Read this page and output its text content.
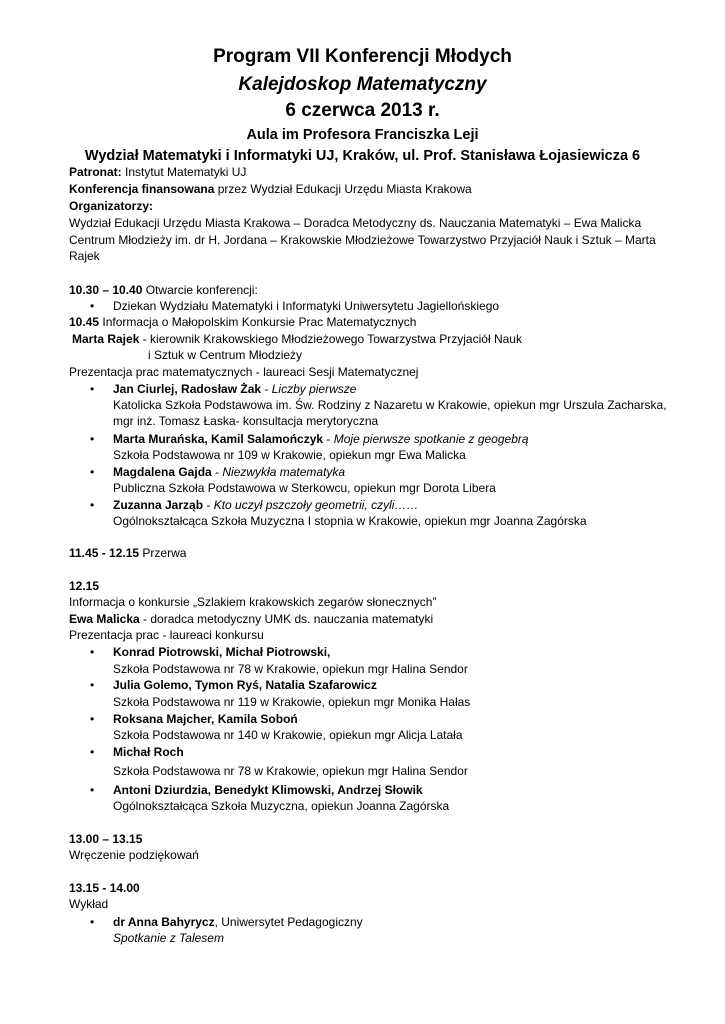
Program VII Konferencji Młodych
Kalejdoskop Matematyczny
6 czerwca 2013 r.
Aula im Profesora Franciszka Leji
Wydział Matematyki i Informatyki UJ, Kraków, ul. Prof. Stanisława Łojasiewicza 6
Patronat: Instytut Matematyki UJ
Konferencja finansowana przez Wydział Edukacji Urzędu Miasta Krakowa
Organizatorzy:
Wydział Edukacji Urzędu Miasta Krakowa – Doradca Metodyczny ds. Nauczania Matematyki – Ewa Malicka
Centrum Młodzieży im. dr H. Jordana – Krakowskie Młodzieżowe Towarzystwo Przyjaciół Nauk i Sztuk – Marta
Rajek
10.30 – 10.40 Otwarcie konferencji:
• Dziekan Wydziału Matematyki i Informatyki Uniwersytetu Jagiellońskiego
10.45 Informacja o Małopolskim Konkursie Prac Matematycznych
Marta Rajek - kierownik Krakowskiego Młodzieżowego Towarzystwa Przyjaciół Nauk
i Sztuk w Centrum Młodzieży
Prezentacja prac matematycznych - laureaci Sesji Matematycznej
• Jan Ciurlej, Radosław Żak - Liczby pierwsze
Katolicka Szkoła Podstawowa im. Św. Rodziny z Nazaretu w Krakowie, opiekun mgr Urszula Zacharska,
mgr inż. Tomasz Łaska- konsultacja merytoryczna
• Marta Murańska, Kamil Salamończyk - Moje pierwsze spotkanie z geogebrą
Szkoła Podstawowa nr 109 w Krakowie, opiekun mgr Ewa Malicka
• Magdalena Gajda - Niezwykła matematyka
Publiczna Szkoła Podstawowa w Sterkowcu, opiekun mgr Dorota Libera
• Zuzanna Jarząb - Kto uczył pszczoły geometrii, czyli……
Ogólnokształcąca Szkoła Muzyczna I stopnia w Krakowie, opiekun mgr Joanna Zagórska
11.45 - 12.15 Przerwa
12.15
Informacja o konkursie „Szlakiem krakowskich zegarów słonecznych”
Ewa Malicka - doradca metodyczny UMK ds. nauczania matematyki
Prezentacja prac - laureaci konkursu
• Konrad Piotrowski, Michał Piotrowski,
Szkoła Podstawowa nr 78 w Krakowie, opiekun mgr Halina Sendor
• Julia Golemo, Tymon Ryś, Natalia Szafarowicz
Szkoła Podstawowa nr 119 w Krakowie, opiekun mgr Monika Hałas
• Roksana Majcher, Kamila Soboń
Szkoła Podstawowa nr 140 w Krakowie, opiekun mgr Alicja Latała
• Michał Roch
Szkoła Podstawowa nr 78 w Krakowie, opiekun mgr Halina Sendor
• Antoni Dziurdzia, Benedykt Klimowski, Andrzej Słowik
Ogólnokształcąca Szkoła Muzyczna, opiekun Joanna Zagórska
13.00 – 13.15
Wręczenie podziękowań
13.15 - 14.00
Wykład
• dr Anna Bahyrycz, Uniwersytet Pedagogiczny
Spotkanie z Talesem
